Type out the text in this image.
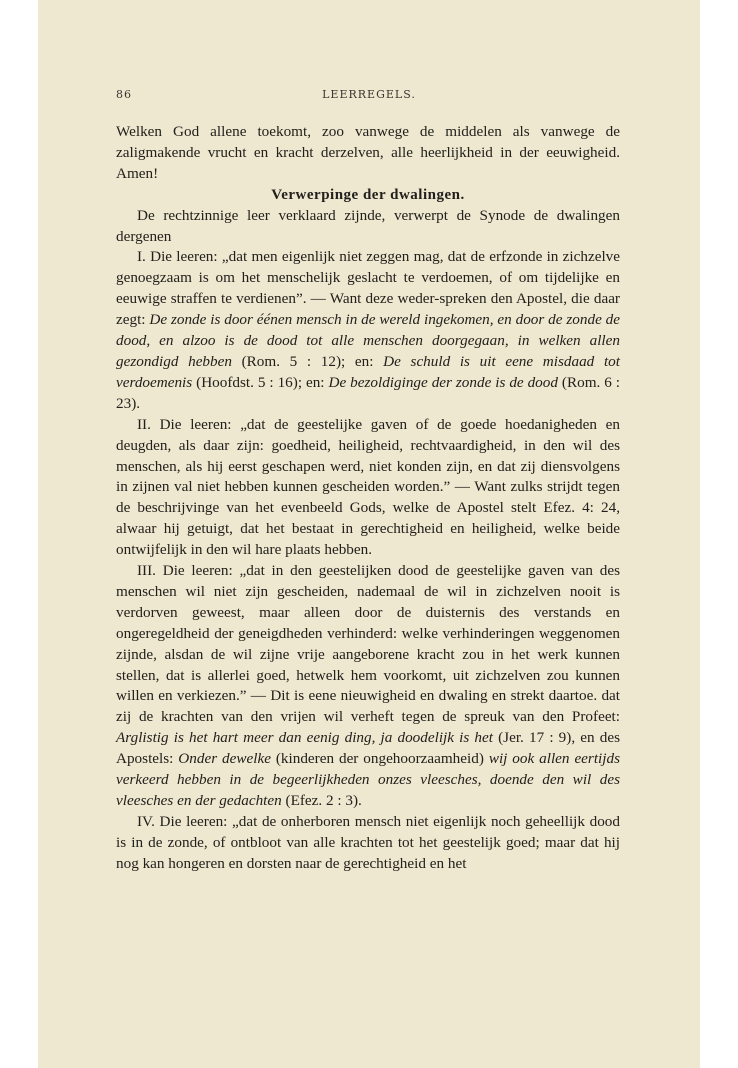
86	LEERREGELS.

Welken God allene toekomt, zoo vanwege de middelen als vanwege de zaligmakende vrucht en kracht derzelven, alle heerlijkheid in der eeuwigheid. Amen!

Verwerpinge der dwalingen.

De rechtzinnige leer verklaard zijnde, verwerpt de Synode de dwalingen dergenen

I. Die leeren: „dat men eigenlijk niet zeggen mag, dat de erfzonde in zichzelve genoegzaam is om het menschelijk geslacht te verdoemen, of om tijdelijke en eeuwige straffen te verdienen”. — Want deze weder-spreken den Apostel, die daar zegt: De zonde is door éénen mensch in de wereld ingekomen, en door de zonde de dood, en alzoo is de dood tot alle menschen doorgegaan, in welken allen gezondigd hebben (Rom. 5 : 12); en: De schuld is uit eene misdaad tot verdoemenis (Hoofdst. 5 : 16); en: De bezoldiginge der zonde is de dood (Rom. 6 : 23).

II. Die leeren: „dat de geestelijke gaven of de goede hoedanigheden en deugden, als daar zijn: goedheid, heiligheid, rechtvaardigheid, in den wil des menschen, als hij eerst geschapen werd, niet konden zijn, en dat zij diensvolgens in zijnen val niet hebben kunnen gescheiden worden.” — Want zulks strijdt tegen de beschrijvinge van het evenbeeld Gods, welke de Apostel stelt Efez. 4: 24, alwaar hij getuigt, dat het bestaat in gerechtigheid en heiligheid, welke beide ontwijfelijk in den wil hare plaats hebben.

III. Die leeren: „dat in den geestelijken dood de geestelijke gaven van des menschen wil niet zijn gescheiden, nademaal de wil in zichzelven nooit is verdorven geweest, maar alleen door de duisternis des verstands en ongeregeldheid der geneigdheden verhinderd: welke verhinderingen weggenomen zijnde, alsdan de wil zijne vrije aangeborene kracht zou in het werk kunnen stellen, dat is allerlei goed, hetwelk hem voorkomt, uit zichzelven zou kunnen willen en verkiezen.” — Dit is eene nieuwigheid en dwaling en strekt daartoe. dat zij de krachten van den vrijen wil verheft tegen de spreuk van den Profeet: Arglistig is het hart meer dan eenig ding, ja doodelijk is het (Jer. 17 : 9), en des Apostels: Onder dewelke (kinderen der ongehoorzaamheid) wij ook allen eertijds verkeerd hebben in de begeerlijkheden onzes vleesches, doende den wil des vleesches en der gedachten (Efez. 2 : 3).

IV. Die leeren: „dat de onherboren mensch niet eigenlijk noch geheellijk dood is in de zonde, of ontbloot van alle krachten tot het geestelijk goed; maar dat hij nog kan hongeren en dorsten naar de gerechtigheid en het
